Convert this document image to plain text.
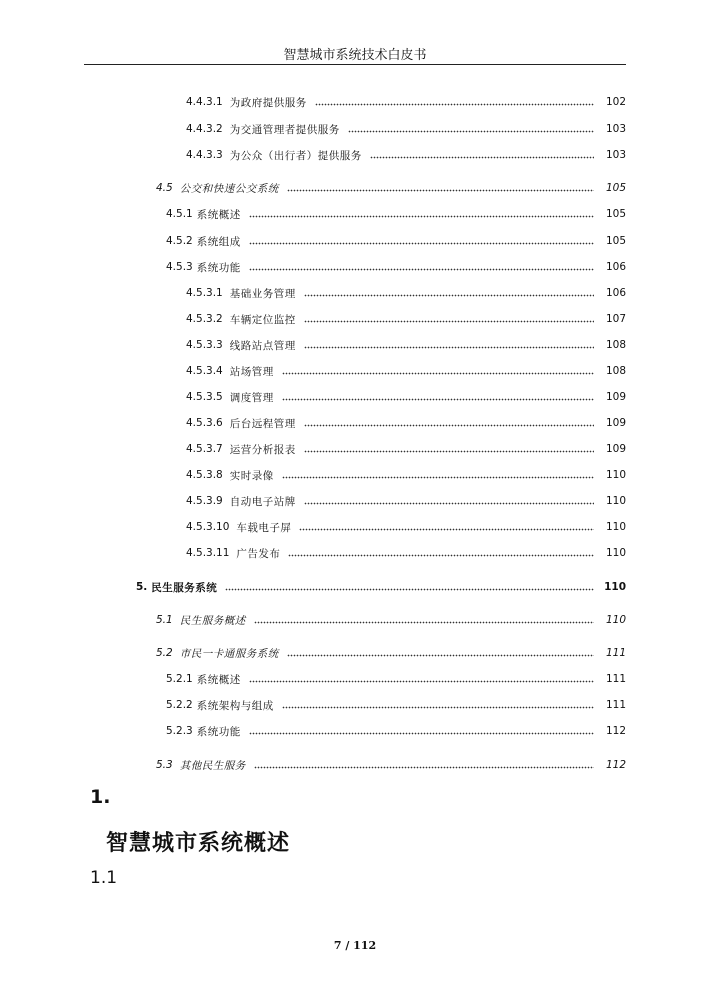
智慧城市系统技术白皮书
4.4.3.1 为政府提供服务	102
4.4.3.2 为交通管理者提供服务	103
4.4.3.3 为公众（出行者）提供服务	103
4.5 公交和快速公交系统	105
4.5.1 系统概述	105
4.5.2 系统组成	105
4.5.3 系统功能	106
4.5.3.1 基础业务管理	106
4.5.3.2 车辆定位监控	107
4.5.3.3 线路站点管理	108
4.5.3.4 站场管理	108
4.5.3.5 调度管理	109
4.5.3.6 后台远程管理	109
4.5.3.7 运营分析报表	109
4.5.3.8 实时录像	110
4.5.3.9 自动电子站牌	110
4.5.3.10 车载电子屏	110
4.5.3.11 广告发布	110
5. 民生服务系统	110
5.1 民生服务概述	110
5.2 市民一卡通服务系统	111
5.2.1 系统概述	111
5.2.2 系统架构与组成	111
5.2.3 系统功能	112
5.3 其他民生服务	112
1.
智慧城市系统概述
1.1
7 / 112
